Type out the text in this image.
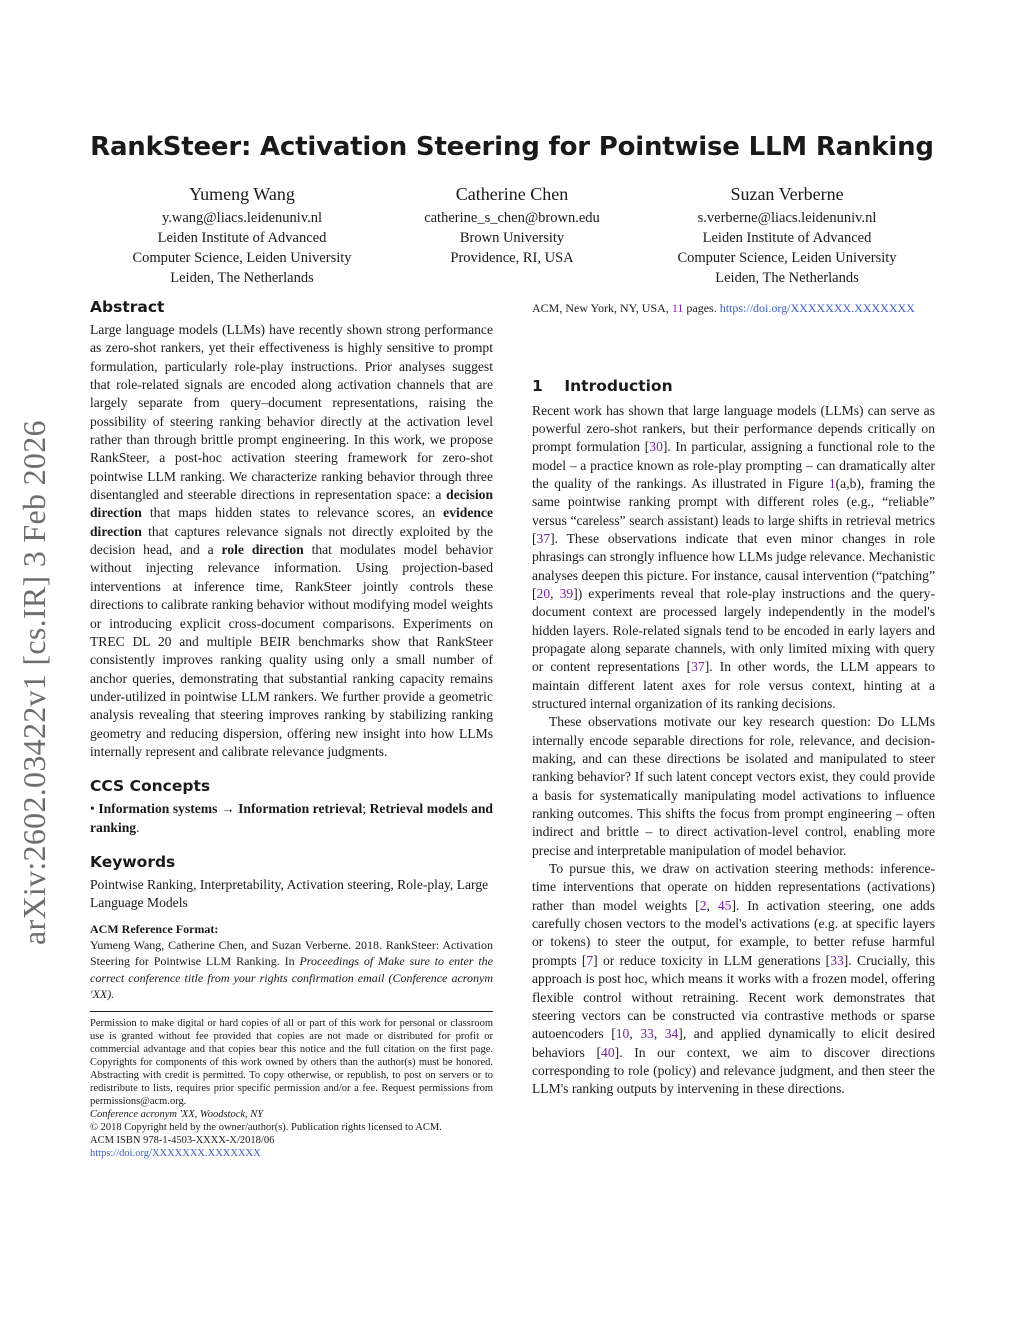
arXiv:2602.03422v1 [cs.IR] 3 Feb 2026
RankSteer: Activation Steering for Pointwise LLM Ranking
Yumeng Wang
y.wang@liacs.leidenuniv.nl
Leiden Institute of Advanced
Computer Science, Leiden University
Leiden, The Netherlands
Catherine Chen
catherine_s_chen@brown.edu
Brown University
Providence, RI, USA
Suzan Verberne
s.verberne@liacs.leidenuniv.nl
Leiden Institute of Advanced
Computer Science, Leiden University
Leiden, The Netherlands
Abstract

Large language models (LLMs) have recently shown strong performance as zero-shot rankers, yet their effectiveness is highly sensitive to prompt formulation, particularly role-play instructions. Prior analyses suggest that role-related signals are encoded along activation channels that are largely separate from query–document representations, raising the possibility of steering ranking behavior directly at the activation level rather than through brittle prompt engineering. In this work, we propose RankSteer, a post-hoc activation steering framework for zero-shot pointwise LLM ranking. We characterize ranking behavior through three disentangled and steerable directions in representation space: a decision direction that maps hidden states to relevance scores, an evidence direction that captures relevance signals not directly exploited by the decision head, and a role direction that modulates model behavior without injecting relevance information. Using projection-based interventions at inference time, RankSteer jointly controls these directions to calibrate ranking behavior without modifying model weights or introducing explicit cross-document comparisons. Experiments on TREC DL 20 and multiple BEIR benchmarks show that RankSteer consistently improves ranking quality using only a small number of anchor queries, demonstrating that substantial ranking capacity remains under-utilized in pointwise LLM rankers. We further provide a geometric analysis revealing that steering improves ranking by stabilizing ranking geometry and reducing dispersion, offering new insight into how LLMs internally represent and calibrate relevance judgments.

CCS Concepts

• Information systems → Information retrieval; Retrieval models and ranking.

Keywords

Pointwise Ranking, Interpretability, Activation steering, Role-play, Large Language Models

ACM Reference Format:

Yumeng Wang, Catherine Chen, and Suzan Verberne. 2018. RankSteer: Activation Steering for Pointwise LLM Ranking. In Proceedings of Make sure to enter the correct conference title from your rights confirmation email (Conference acronym 'XX).

Permission to make digital or hard copies of all or part of this work for personal or classroom use is granted without fee provided that copies are not made or distributed for profit or commercial advantage and that copies bear this notice and the full citation on the first page. Copyrights for components of this work owned by others than the author(s) must be honored. Abstracting with credit is permitted. To copy otherwise, or republish, to post on servers or to redistribute to lists, requires prior specific permission and/or a fee. Request permissions from permissions@acm.org.

Conference acronym 'XX, Woodstock, NY

© 2018 Copyright held by the owner/author(s). Publication rights licensed to ACM.

ACM ISBN 978-1-4503-XXXX-X/2018/06

https://doi.org/XXXXXXX.XXXXXXX

ACM, New York, NY, USA, 11 pages. https://doi.org/XXXXXXX.XXXXXXX

1    Introduction

Recent work has shown that large language models (LLMs) can serve as powerful zero-shot rankers, but their performance depends critically on prompt formulation [30]. In particular, assigning a functional role to the model – a practice known as role-play prompting – can dramatically alter the quality of the rankings. As illustrated in Figure 1(a,b), framing the same pointwise ranking prompt with different roles (e.g., “reliable” versus “careless” search assistant) leads to large shifts in retrieval metrics [37]. These observations indicate that even minor changes in role phrasings can strongly influence how LLMs judge relevance. Mechanistic analyses deepen this picture. For instance, causal intervention (“patching” [20, 39]) experiments reveal that role-play instructions and the query-document context are processed largely independently in the model's hidden layers. Role-related signals tend to be encoded in early layers and propagate along separate channels, with only limited mixing with query or content representations [37]. In other words, the LLM appears to maintain different latent axes for role versus context, hinting at a structured internal organization of its ranking decisions.

These observations motivate our key research question: Do LLMs internally encode separable directions for role, relevance, and decision-making, and can these directions be isolated and manipulated to steer ranking behavior? If such latent concept vectors exist, they could provide a basis for systematically manipulating model activations to influence ranking outcomes. This shifts the focus from prompt engineering – often indirect and brittle – to direct activation-level control, enabling more precise and interpretable manipulation of model behavior.

To pursue this, we draw on activation steering methods: inference-time interventions that operate on hidden representations (activations) rather than model weights [2, 45]. In activation steering, one adds carefully chosen vectors to the model's activations (e.g. at specific layers or tokens) to steer the output, for example, to better refuse harmful prompts [7] or reduce toxicity in LLM generations [33]. Crucially, this approach is post hoc, which means it works with a frozen model, offering flexible control without retraining. Recent work demonstrates that steering vectors can be constructed via contrastive methods or sparse autoencoders [10, 33, 34], and applied dynamically to elicit desired behaviors [40]. In our context, we aim to discover directions corresponding to role (policy) and relevance judgment, and then steer the LLM's ranking outputs by intervening in these directions.
